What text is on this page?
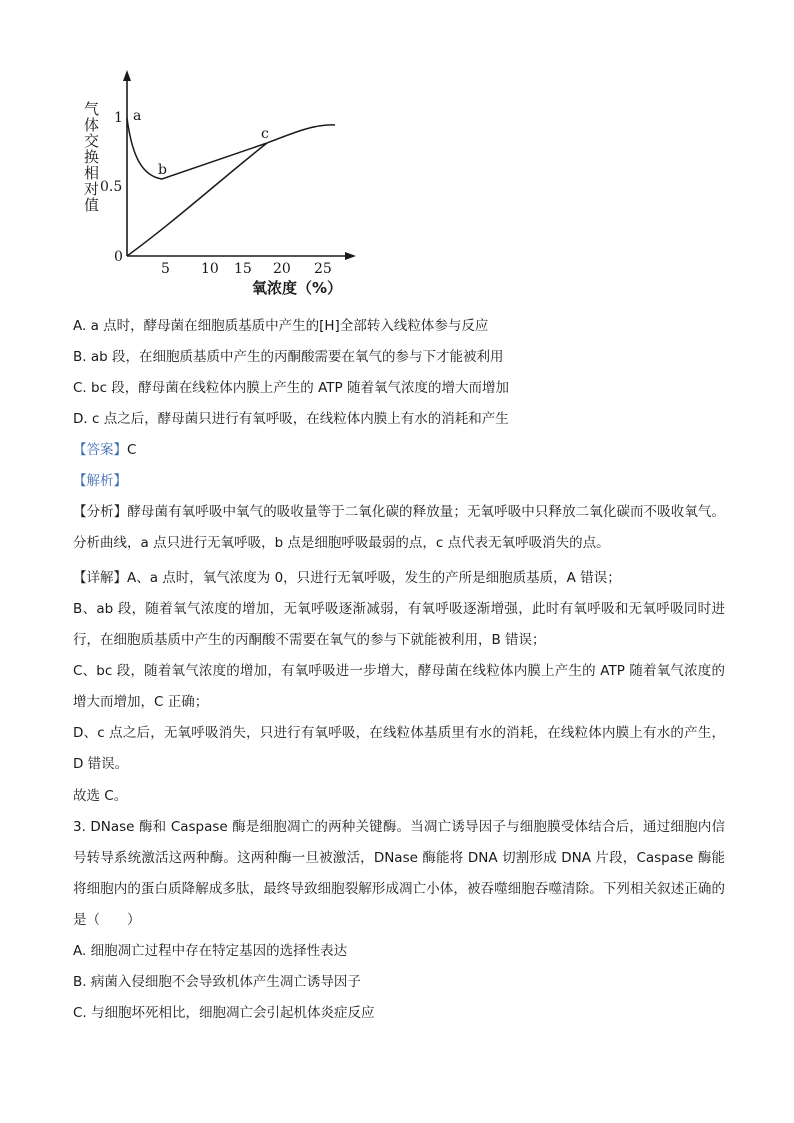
气
体
交
换
相
对
值
1
0.5
0
5 10 15 20 25
氧浓度（%）
a
b
c
A. a 点时，酵母菌在细胞质基质中产生的[H]全部转入线粒体参与反应
B. ab 段，在细胞质基质中产生的丙酮酸需要在氧气的参与下才能被利用
C. bc 段，酵母菌在线粒体内膜上产生的 ATP 随着氧气浓度的增大而增加
D. c 点之后，酵母菌只进行有氧呼吸，在线粒体内膜上有水的消耗和产生
【答案】C
【解析】
【分析】酵母菌有氧呼吸中氧气的吸收量等于二氧化碳的释放量；无氧呼吸中只释放二氧化碳而不吸收氧气。分析曲线，a 点只进行无氧呼吸，b 点是细胞呼吸最弱的点，c 点代表无氧呼吸消失的点。
【详解】A、a 点时，氧气浓度为 0，只进行无氧呼吸，发生的产所是细胞质基质，A 错误；
B、ab 段，随着氧气浓度的增加，无氧呼吸逐渐减弱，有氧呼吸逐渐增强，此时有氧呼吸和无氧呼吸同时进行，在细胞质基质中产生的丙酮酸不需要在氧气的参与下就能被利用，B 错误；
C、bc 段，随着氧气浓度的增加，有氧呼吸进一步增大，酵母菌在线粒体内膜上产生的 ATP 随着氧气浓度的增大而增加，C 正确；
D、c 点之后，无氧呼吸消失，只进行有氧呼吸，在线粒体基质里有水的消耗，在线粒体内膜上有水的产生，D 错误。
故选 C。
3. DNase 酶和 Caspase 酶是细胞凋亡的两种关键酶。当凋亡诱导因子与细胞膜受体结合后，通过细胞内信号转导系统激活这两种酶。这两种酶一旦被激活，DNase 酶能将 DNA 切割形成 DNA 片段，Caspase 酶能将细胞内的蛋白质降解成多肽，最终导致细胞裂解形成凋亡小体，被吞噬细胞吞噬清除。下列相关叙述正确的是（　　）
A. 细胞凋亡过程中存在特定基因的选择性表达
B. 病菌入侵细胞不会导致机体产生凋亡诱导因子
C. 与细胞坏死相比，细胞凋亡会引起机体炎症反应
